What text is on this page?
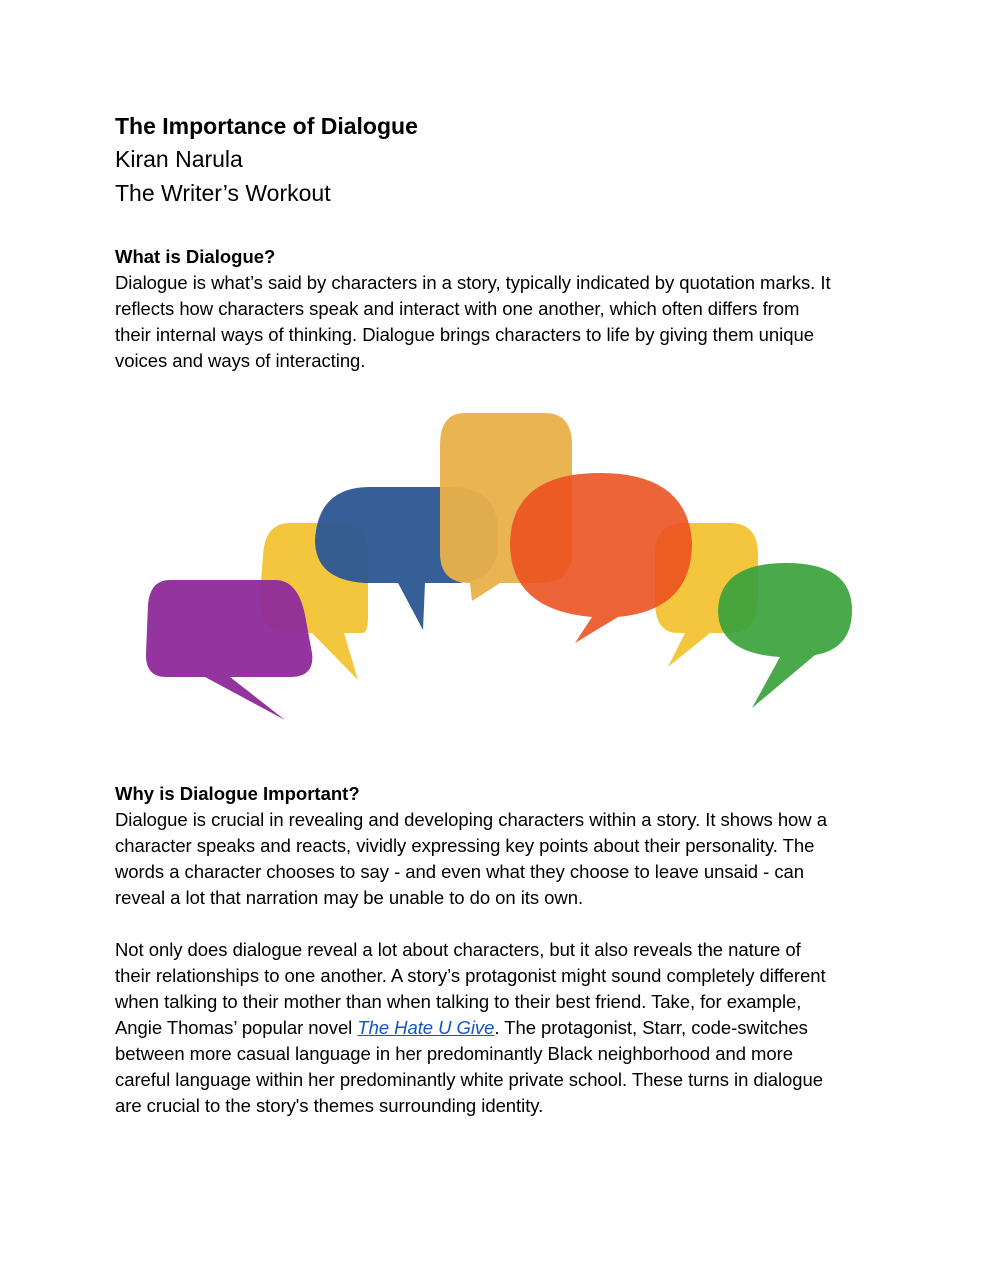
The Importance of Dialogue

Kiran Narula

The Writer’s Workout

What is Dialogue?

Dialogue is what’s said by characters in a story, typically indicated by quotation marks. It

reflects how characters speak and interact with one another, which often differs from

their internal ways of thinking. Dialogue brings characters to life by giving them unique

voices and ways of interacting.

Why is Dialogue Important?

Dialogue is crucial in revealing and developing characters within a story. It shows how a

character speaks and reacts, vividly expressing key points about their personality. The

words a character chooses to say - and even what they choose to leave unsaid - can

reveal a lot that narration may be unable to do on its own.

Not only does dialogue reveal a lot about characters, but it also reveals the nature of

their relationships to one another. A story’s protagonist might sound completely different

when talking to their mother than when talking to their best friend. Take, for example,

Angie Thomas’ popular novel The Hate U Give. The protagonist, Starr, code-switches

between more casual language in her predominantly Black neighborhood and more

careful language within her predominantly white private school. These turns in dialogue

are crucial to the story's themes surrounding identity.
